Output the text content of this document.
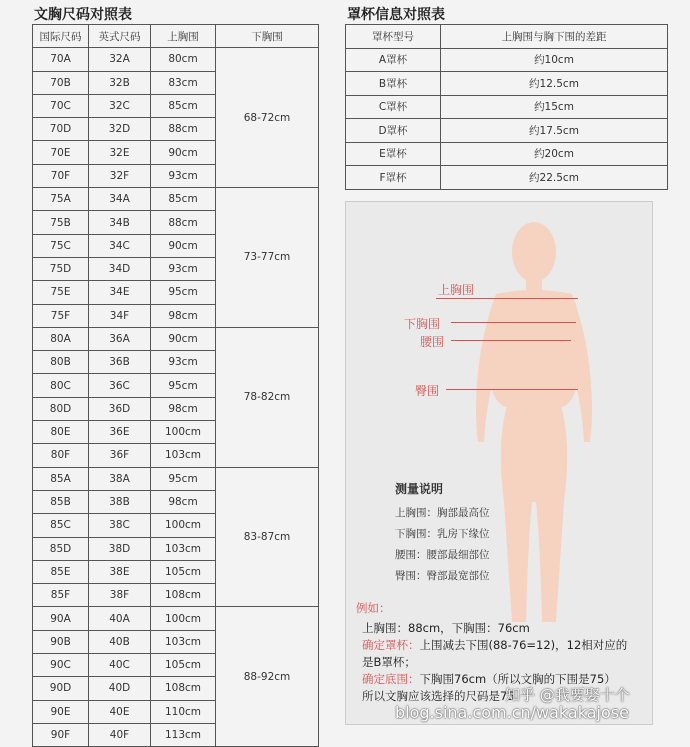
文胸尺码对照表
国际尺码	英式尺码	上胸围	下胸围
70A	32A	80cm	68-72cm
70B	32B	83cm	
70C	32C	85cm	
70D	32D	88cm	
70E	32E	90cm	
70F	32F	93cm	
75A	34A	85cm	73-77cm
75B	34B	88cm	
75C	34C	90cm	
75D	34D	93cm	
75E	34E	95cm	
75F	34F	98cm	
80A	36A	90cm	78-82cm
80B	36B	93cm	
80C	36C	95cm	
80D	36D	98cm	
80E	36E	100cm	
80F	36F	103cm	
85A	38A	95cm	83-87cm
85B	38B	98cm	
85C	38C	100cm	
85D	38D	103cm	
85E	38E	105cm	
85F	38F	108cm	
90A	40A	100cm	88-92cm
90B	40B	103cm	
90C	40C	105cm	
90D	40D	108cm	
90E	40E	110cm	
90F	40F	113cm	
罩杯信息对照表
罩杯型号	上胸围与胸下围的差距
A罩杯	约10cm
B罩杯	约12.5cm
C罩杯	约15cm
D罩杯	约17.5cm
E罩杯	约20cm
F罩杯	约22.5cm
上胸围
下胸围
腰围
臀围
测量说明
上胸围：胸部最高位
下胸围：乳房下缘位
腰围：腰部最细部位
臀围：臀部最宽部位
例如：
上胸围：88cm，下胸围：76cm
确定罩杯：上围减去下围(88-76=12)，12相对应的
是B罩杯；
确定底围：下胸围76cm（所以文胸的下围是75）
所以文胸应该选择的尺码是75
知乎 @我要娶十个
blog.sina.com.cn/wakakajose
